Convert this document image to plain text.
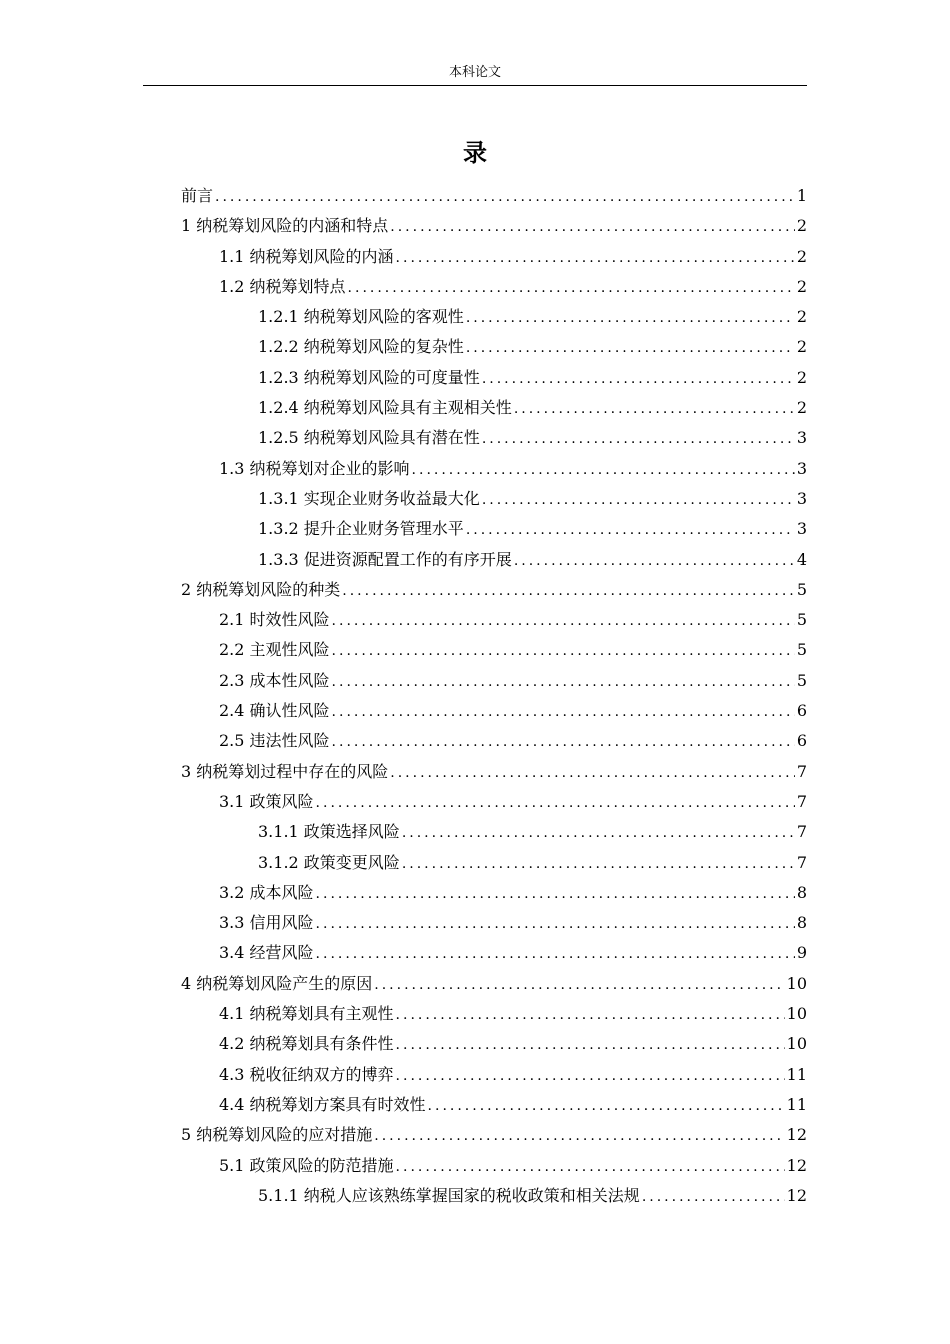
本科论文
录
前言 .....	1
1 纳税筹划风险的内涵和特点 .....	2
1.1 纳税筹划风险的内涵 .....	2
1.2 纳税筹划特点 .....	2
1.2.1 纳税筹划风险的客观性 .....	2
1.2.2 纳税筹划风险的复杂性 .....	2
1.2.3 纳税筹划风险的可度量性 .....	2
1.2.4 纳税筹划风险具有主观相关性 .....	2
1.2.5 纳税筹划风险具有潜在性 .....	3
1.3 纳税筹划对企业的影响 .....	3
1.3.1 实现企业财务收益最大化 .....	3
1.3.2 提升企业财务管理水平 .....	3
1.3.3 促进资源配置工作的有序开展 .....	4
2 纳税筹划风险的种类 .....	5
2.1 时效性风险 .....	5
2.2 主观性风险 .....	5
2.3 成本性风险 .....	5
2.4 确认性风险 .....	6
2.5 违法性风险 .....	6
3 纳税筹划过程中存在的风险 .....	7
3.1 政策风险 .....	7
3.1.1 政策选择风险 .....	7
3.1.2 政策变更风险 .....	7
3.2 成本风险 .....	8
3.3 信用风险 .....	8
3.4 经营风险 .....	9
4 纳税筹划风险产生的原因 .....	10
4.1 纳税筹划具有主观性 .....	10
4.2 纳税筹划具有条件性 .....	10
4.3 税收征纳双方的博弈 .....	11
4.4 纳税筹划方案具有时效性 .....	11
5 纳税筹划风险的应对措施 .....	12
5.1 政策风险的防范措施 .....	12
5.1.1 纳税人应该熟练掌握国家的税收政策和相关法规 .....	12
